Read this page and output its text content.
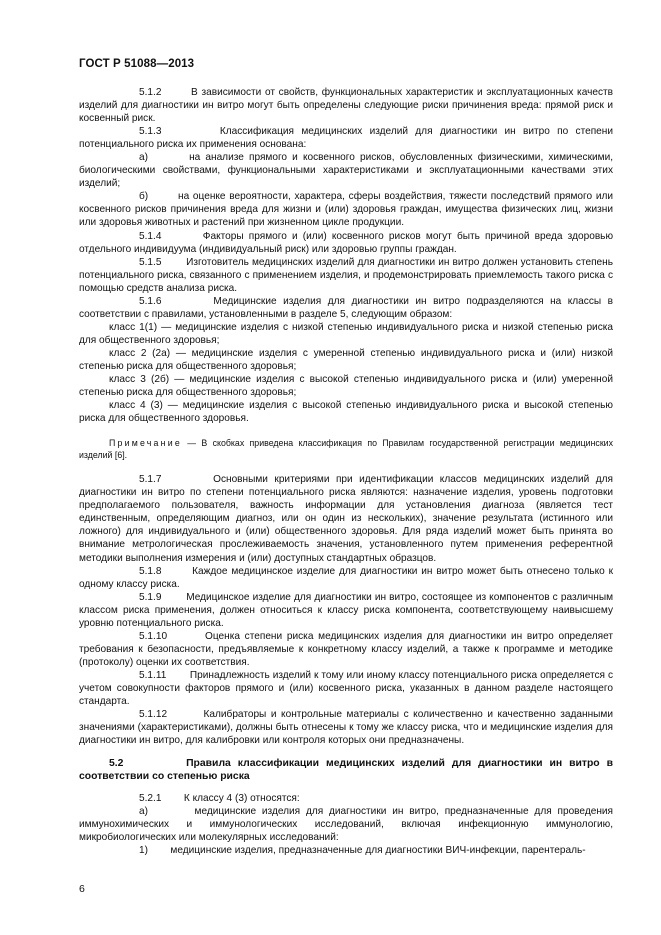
ГОСТ Р 51088—2013

5.1.2	В зависимости от свойств, функциональных характеристик и эксплуатационных качеств изделий для диагностики ин витро могут быть определены следующие риски причинения вреда: прямой риск и косвенный риск.

5.1.3	Классификация медицинских изделий для диагностики ин витро по степени потенциального риска их применения основана:

а)	на анализе прямого и косвенного рисков, обусловленных физическими, химическими, биологическими свойствами, функциональными характеристиками и эксплуатационными качествами этих изделий;

б)	на оценке вероятности, характера, сферы воздействия, тяжести последствий прямого или косвенного рисков причинения вреда для жизни и (или) здоровья граждан, имущества физических лиц, жизни или здоровья животных и растений при жизненном цикле продукции.

5.1.4	Факторы прямого и (или) косвенного рисков могут быть причиной вреда здоровью отдельного индивидуума (индивидуальный риск) или здоровью группы граждан.

5.1.5 Изготовитель медицинских изделий для диагностики ин витро должен установить степень потенциального риска, связанного с применением изделия, и продемонстрировать приемлемость такого риска с помощью средств анализа риска.

5.1.6	Медицинские изделия для диагностики ин витро подразделяются на классы в соответствии с правилами, установленными в разделе 5, следующим образом:

класс 1(1) — медицинские изделия с низкой степенью индивидуального риска и низкой степенью риска для общественного здоровья;

класс 2 (2а) — медицинские изделия с умеренной степенью индивидуального риска и (или) низкой степенью риска для общественного здоровья;

класс 3 (2б) — медицинские изделия с высокой степенью индивидуального риска и (или) умеренной степенью риска для общественного здоровья;

класс 4 (3) — медицинские изделия с высокой степенью индивидуального риска и высокой степенью риска для общественного здоровья.

Примечание — В скобках приведена классификация по Правилам государственной регистрации медицинских изделий [6].

5.1.7	Основными критериями при идентификации классов медицинских изделий для диагностики ин витро по степени потенциального риска являются: назначение изделия, уровень подготовки предполагаемого пользователя, важность информации для установления диагноза (является тест единственным, определяющим диагноз, или он один из нескольких), значение результата (истинного или ложного) для индивидуального и (или) общественного здоровья. Для ряда изделий может быть принята во внимание метрологическая прослеживаемость значения, установленного путем применения референтной методики выполнения измерения и (или) доступных стандартных образцов.

5.1.8	Каждое медицинское изделие для диагностики ин витро может быть отнесено только к одному классу риска.

5.1.9 Медицинское изделие для диагностики ин витро, состоящее из компонентов с различным классом риска применения, должен относиться к классу риска компонента, соответствующему наивысшему уровню потенциального риска.

5.1.10	Оценка степени риска медицинских изделия для диагностики ин витро определяет требования к безопасности, предъявляемые к конкретному классу изделий, а также к программе и методике (протоколу) оценки их соответствия.

5.1.11 Принадлежность изделий к тому или иному классу потенциального риска определяется с учетом совокупности факторов прямого и (или) косвенного риска, указанных в данном разделе настоящего стандарта.

5.1.12	Калибраторы и контрольные материалы с количественно и качественно заданными значениями (характеристиками), должны быть отнесены к тому же классу риска, что и медицинские изделия для диагностики ин витро, для калибровки или контроля которых они предназначены.

5.2	Правила классификации медицинских изделий для диагностики ин витро в соответствии со степенью риска

5.2.1 К классу 4 (3) относятся:

а)	медицинские изделия для диагностики ин витро, предназначенные для проведения иммунохимических и иммунологических исследований, включая инфекционную иммунологию, микробиологических или молекулярных исследований:

1) медицинские изделия, предназначенные для диагностики ВИЧ-инфекции, парентераль-

6
